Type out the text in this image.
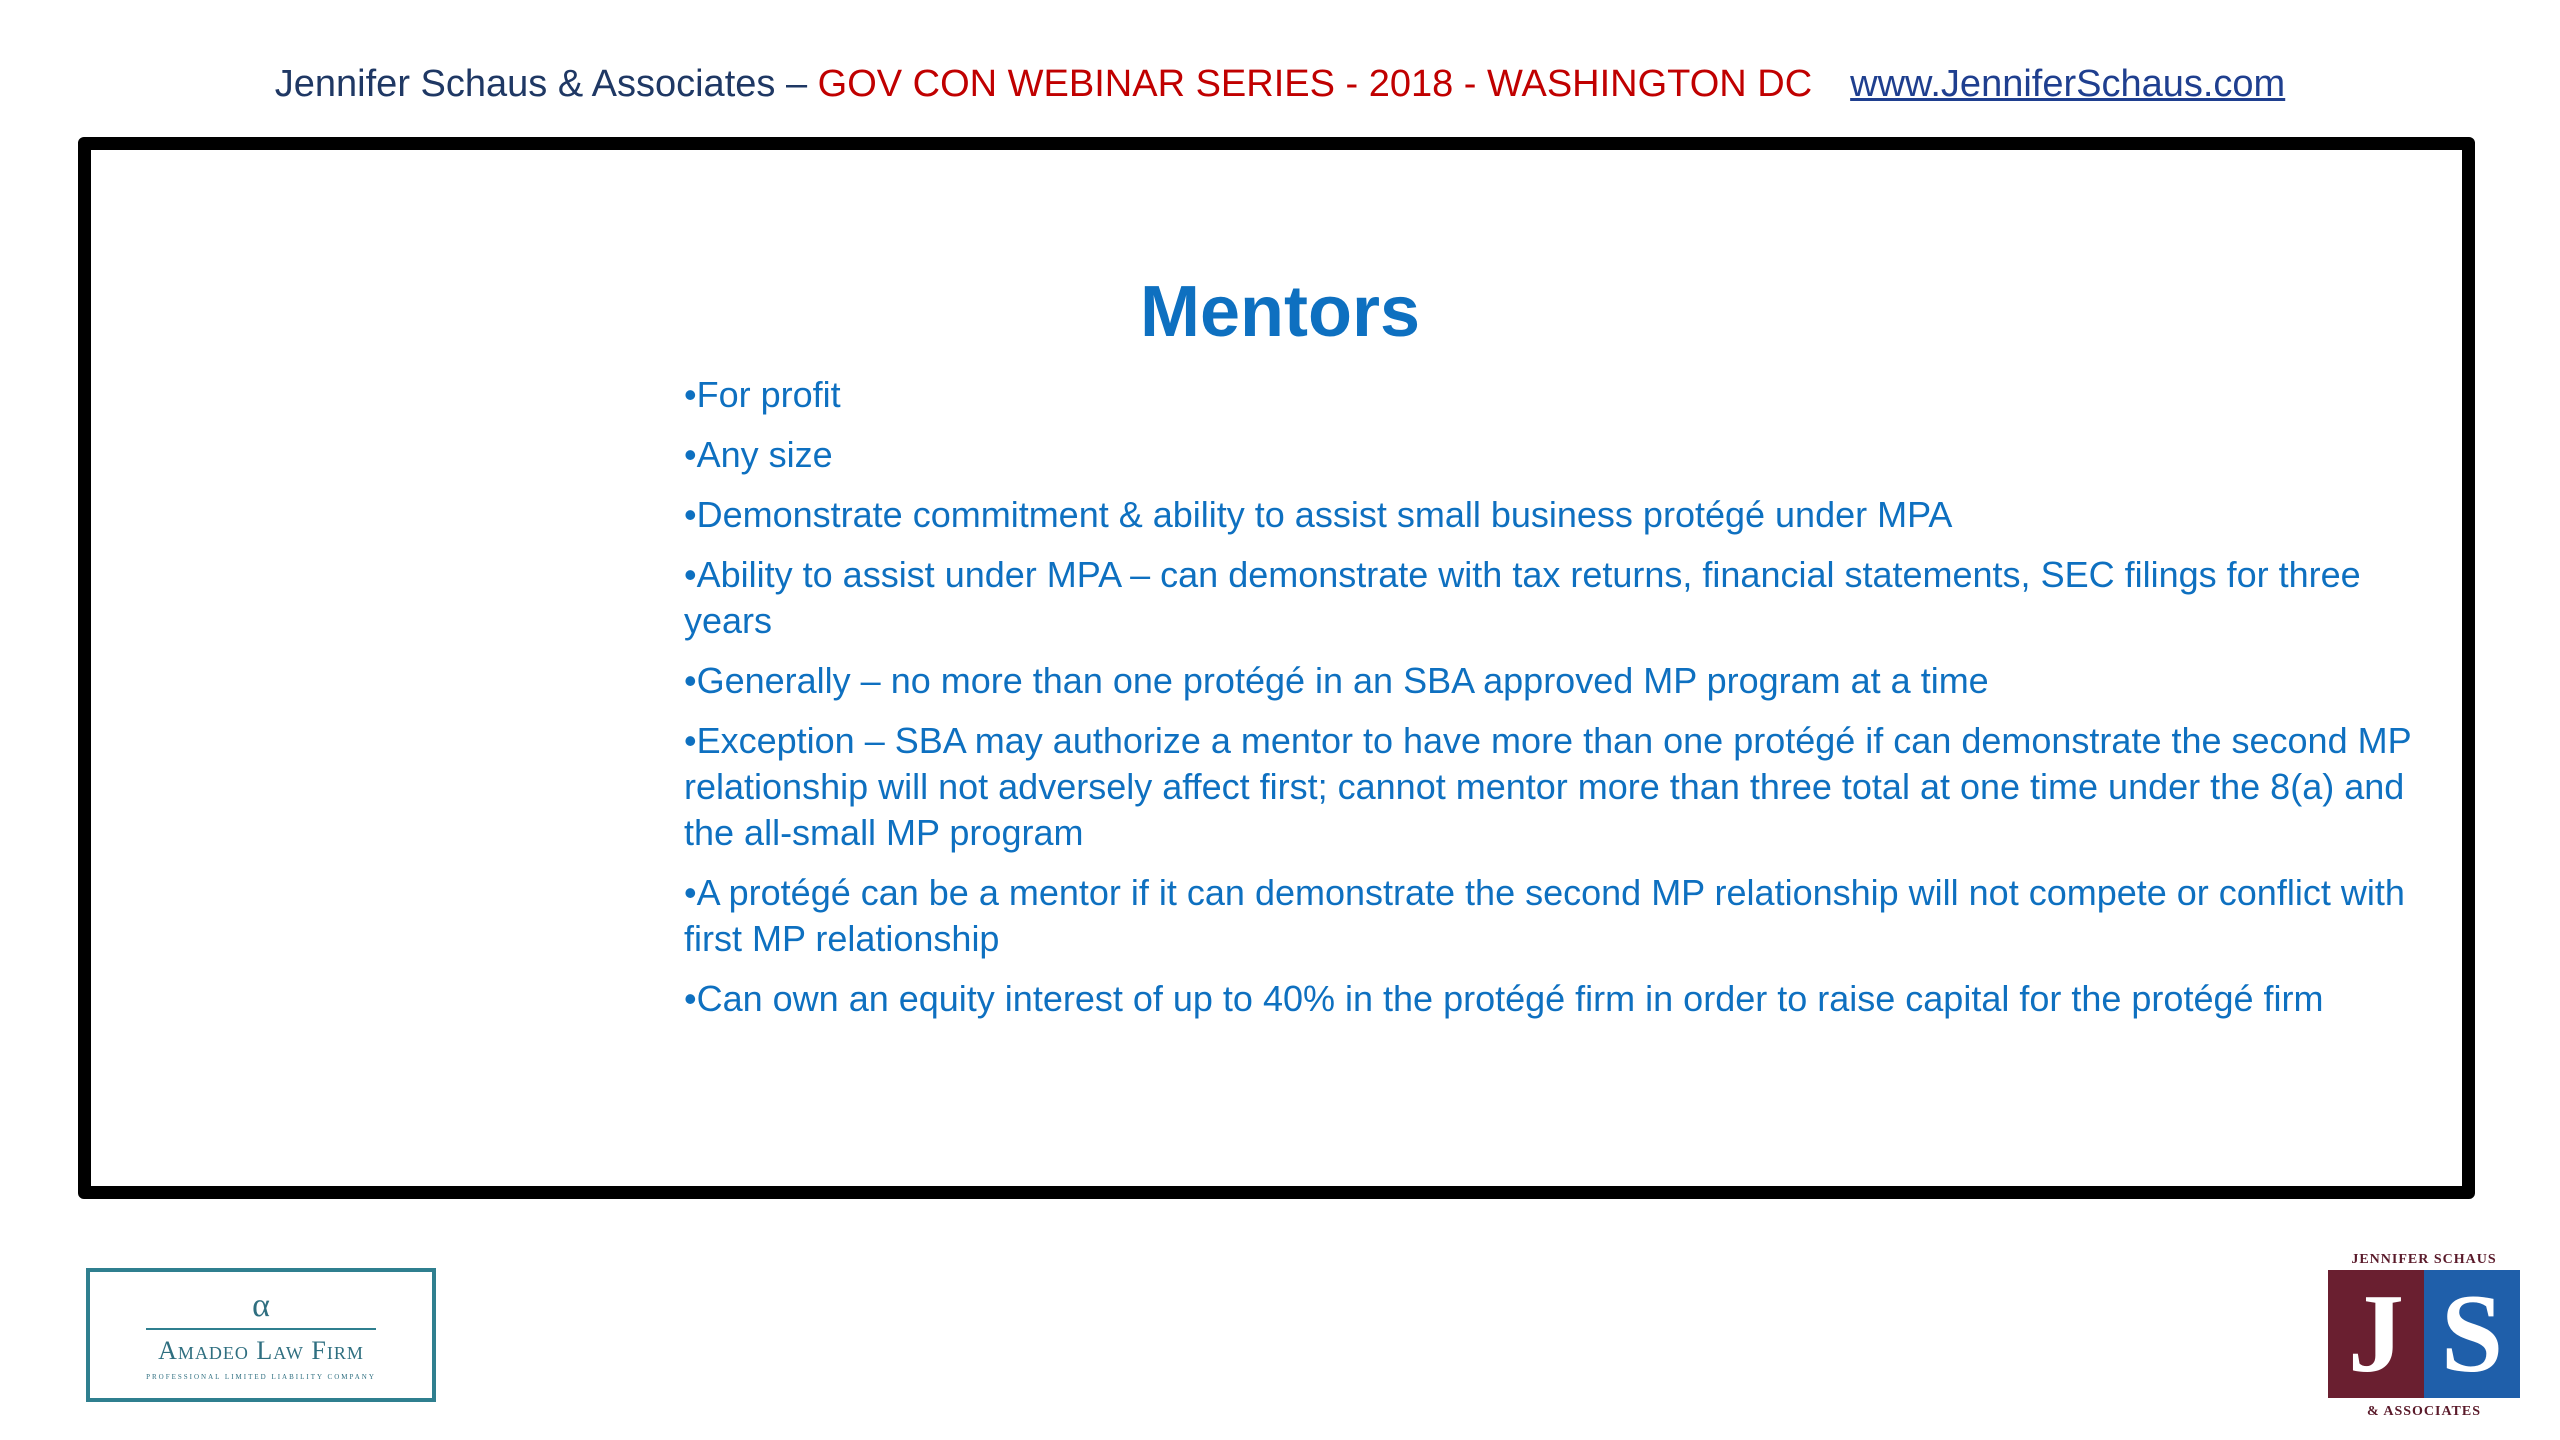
Jennifer Schaus & Associates – GOV CON WEBINAR SERIES - 2018 - WASHINGTON DC www.JenniferSchaus.com
Mentors
• For profit
• Any size
• Demonstrate commitment & ability to assist small business protégé under MPA
• Ability to assist under MPA – can demonstrate with tax returns, financial statements, SEC filings for three years
• Generally – no more than one protégé in an SBA approved MP program at a time
• Exception – SBA may authorize a mentor to have more than one protégé if can demonstrate the second MP relationship will not adversely affect first; cannot mentor more than three total at one time under the 8(a) and the all-small MP program
• A protégé can be a mentor if it can demonstrate the second MP relationship will not compete or conflict with first MP relationship
• Can own an equity interest of up to 40% in the protégé firm in order to raise capital for the protégé firm
α
Amadeo Law Firm
PROFESSIONAL LIMITED LIABILITY COMPANY
JENNIFER SCHAUS
J S
& ASSOCIATES
